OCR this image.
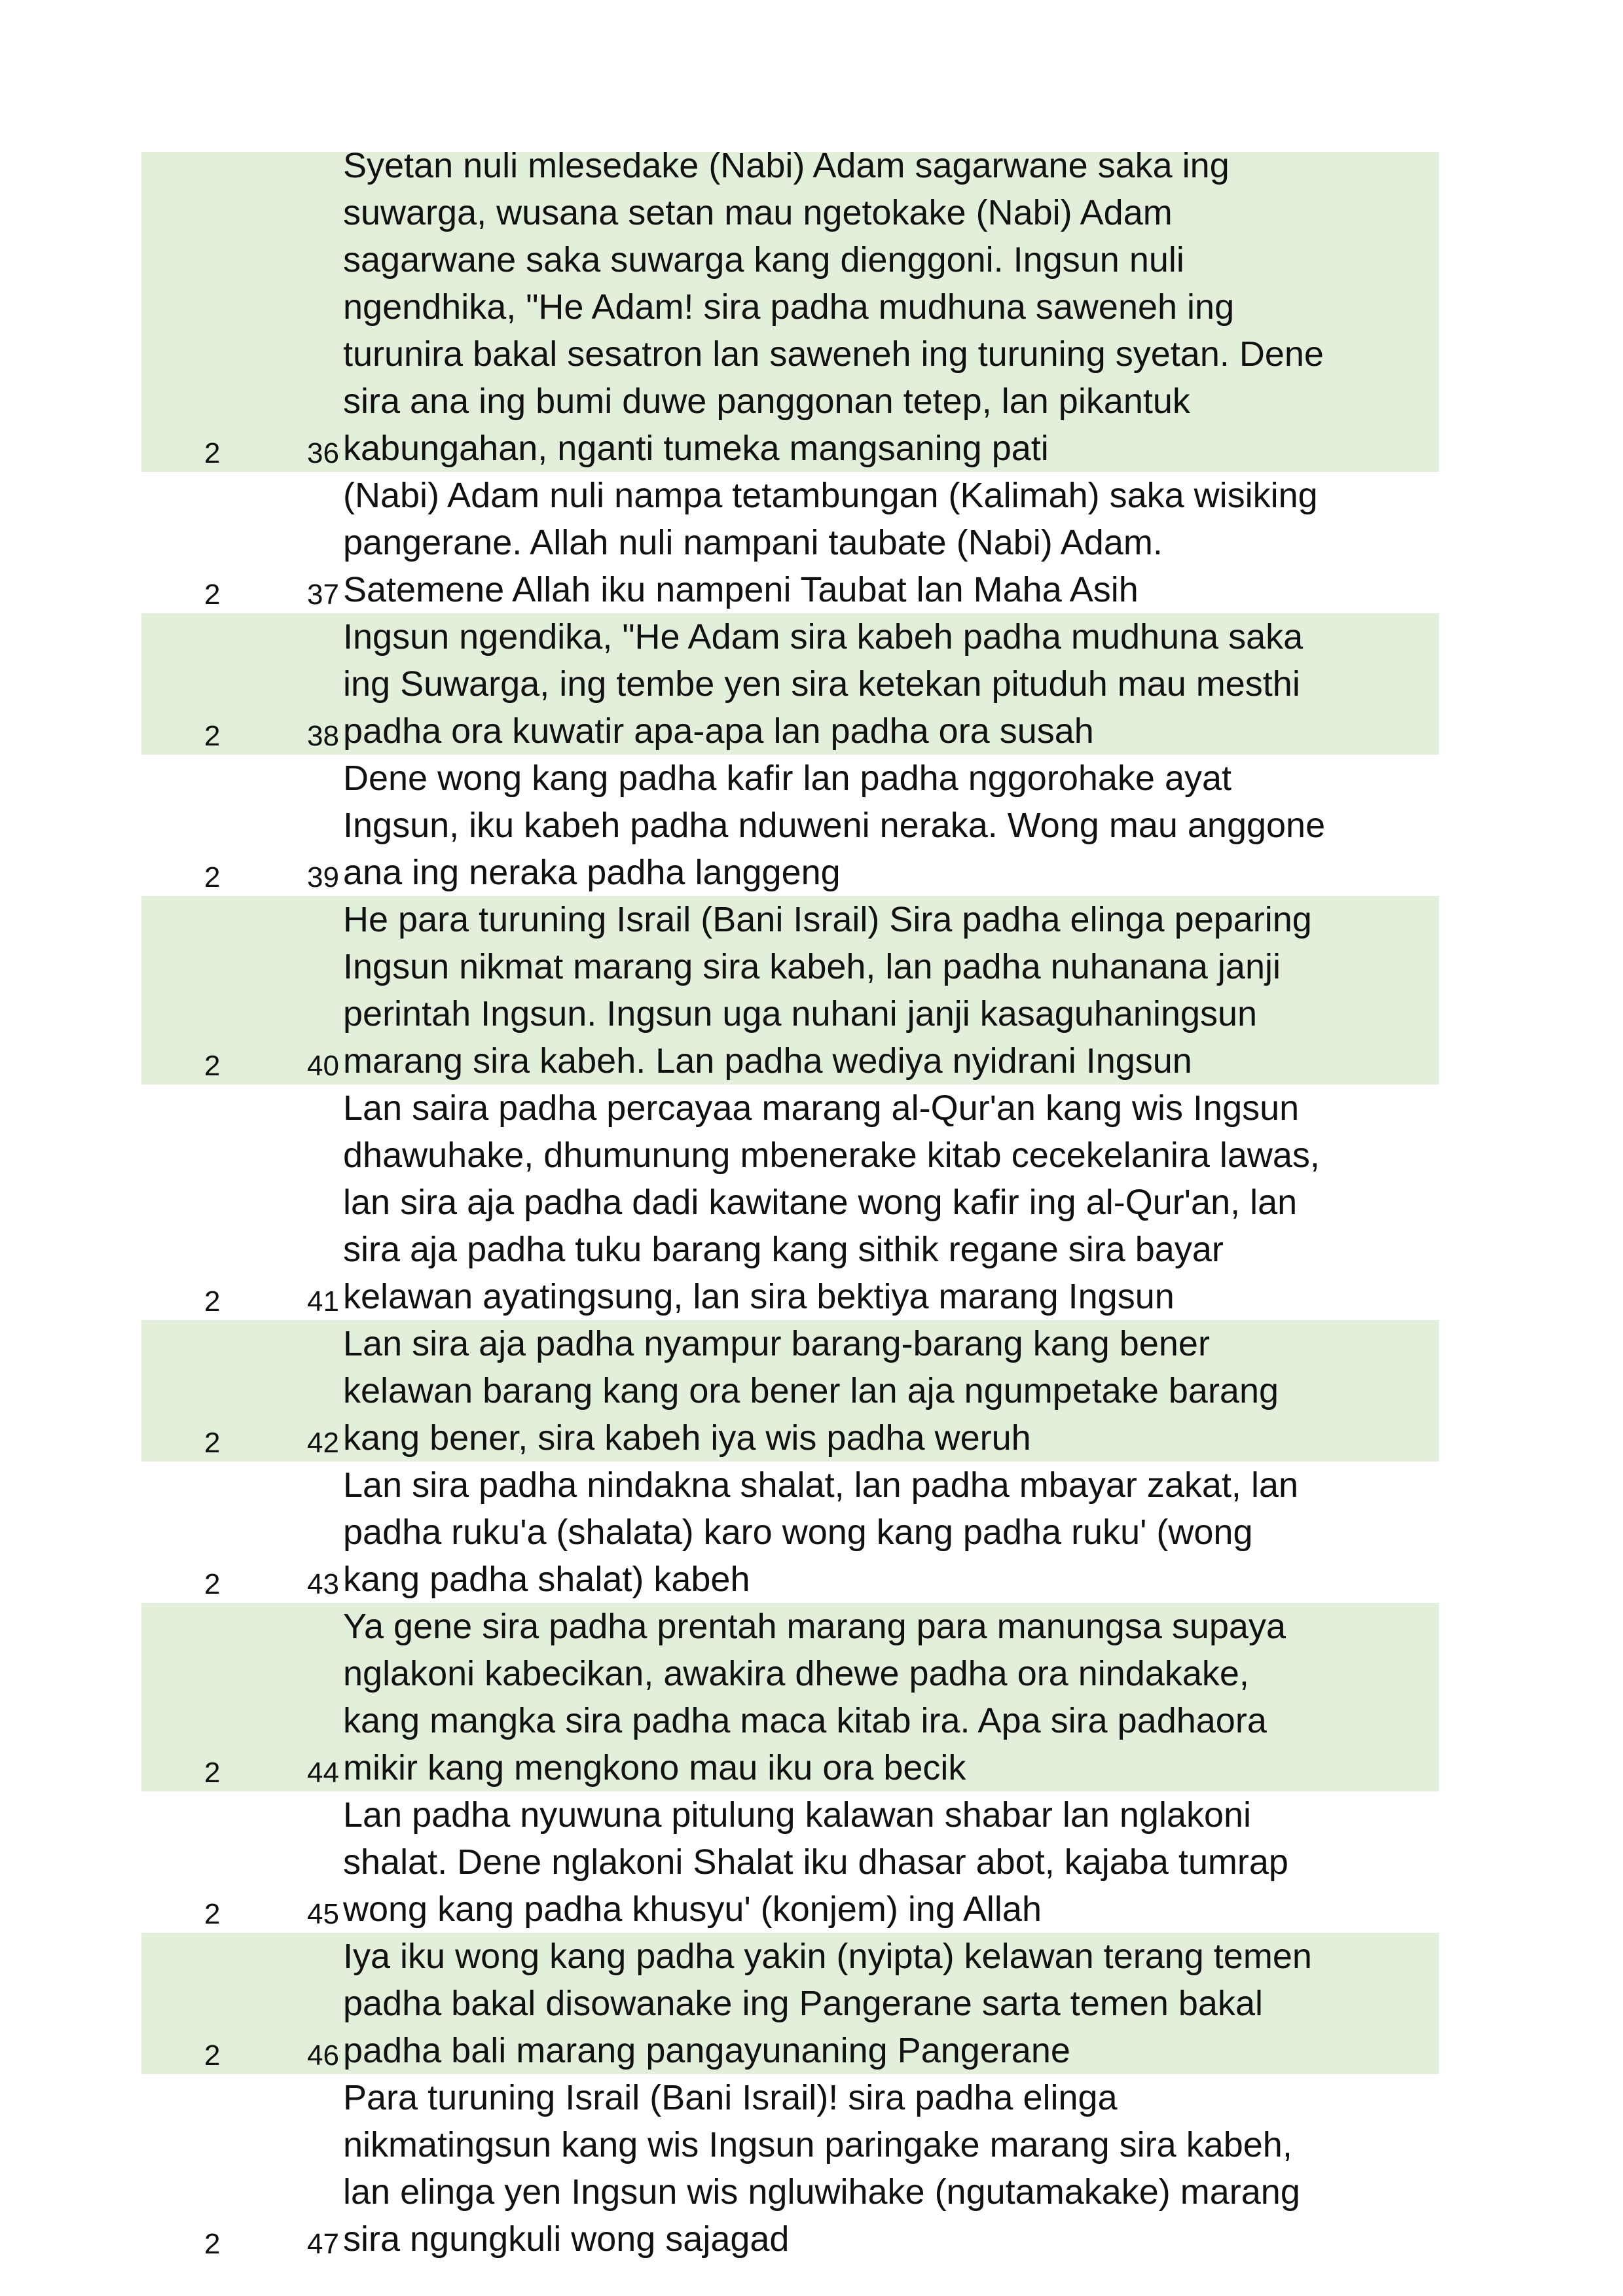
2	36
Syetan nuli mlesedake (Nabi) Adam sagarwane saka ing
suwarga, wusana setan mau ngetokake (Nabi) Adam
sagarwane saka suwarga kang dienggoni. Ingsun nuli
ngendhika, "He Adam! sira padha mudhuna saweneh ing
turunira bakal sesatron lan saweneh ing turuning syetan. Dene
sira ana ing bumi duwe panggonan tetep, lan pikantuk
kabungahan, nganti tumeka mangsaning pati
2	37
(Nabi) Adam nuli nampa tetambungan (Kalimah) saka wisiking
pangerane. Allah nuli nampani taubate (Nabi) Adam.
Satemene Allah iku nampeni Taubat lan Maha Asih
2	38
Ingsun ngendika, "He Adam sira kabeh padha mudhuna saka
ing Suwarga, ing tembe yen sira ketekan pituduh mau mesthi
padha ora kuwatir apa-apa lan padha ora susah
2	39
Dene wong kang padha kafir lan padha nggorohake ayat
Ingsun, iku kabeh padha nduweni neraka. Wong mau anggone
ana ing neraka padha langgeng
2	40
He para turuning Israil (Bani Israil) Sira padha elinga peparing
Ingsun nikmat marang sira kabeh, lan padha nuhanana janji
perintah Ingsun. Ingsun uga nuhani janji kasaguhaningsun
marang sira kabeh. Lan padha wediya nyidrani Ingsun
2	41
Lan saira padha percayaa marang al-Qur'an kang wis Ingsun
dhawuhake, dhumunung mbenerake kitab cecekelanira lawas,
lan sira aja padha dadi kawitane wong kafir ing al-Qur'an, lan
sira aja padha tuku barang kang sithik regane sira bayar
kelawan ayatingsung, lan sira bektiya marang Ingsun
2	42
Lan sira aja padha nyampur barang-barang kang bener
kelawan barang kang ora bener lan aja ngumpetake barang
kang bener, sira kabeh iya wis padha weruh
2	43
Lan sira padha nindakna shalat, lan padha mbayar zakat, lan
padha ruku'a (shalata) karo wong kang padha ruku' (wong
kang padha shalat) kabeh
2	44
Ya gene sira padha prentah marang para manungsa supaya
nglakoni kabecikan, awakira dhewe padha ora nindakake,
kang mangka sira padha maca kitab ira. Apa sira padhaora
mikir kang mengkono mau iku ora becik
2	45
Lan padha nyuwuna pitulung kalawan shabar lan nglakoni
shalat. Dene nglakoni Shalat iku dhasar abot, kajaba tumrap
wong kang padha khusyu' (konjem) ing Allah
2	46
Iya iku wong kang padha yakin (nyipta) kelawan terang temen
padha bakal disowanake ing Pangerane sarta temen bakal
padha bali marang pangayunaning Pangerane
2	47
Para turuning Israil (Bani Israil)! sira padha elinga
nikmatingsun kang wis Ingsun paringake marang sira kabeh,
lan elinga yen Ingsun wis ngluwihake (ngutamakake) marang
sira ngungkuli wong sajagad
